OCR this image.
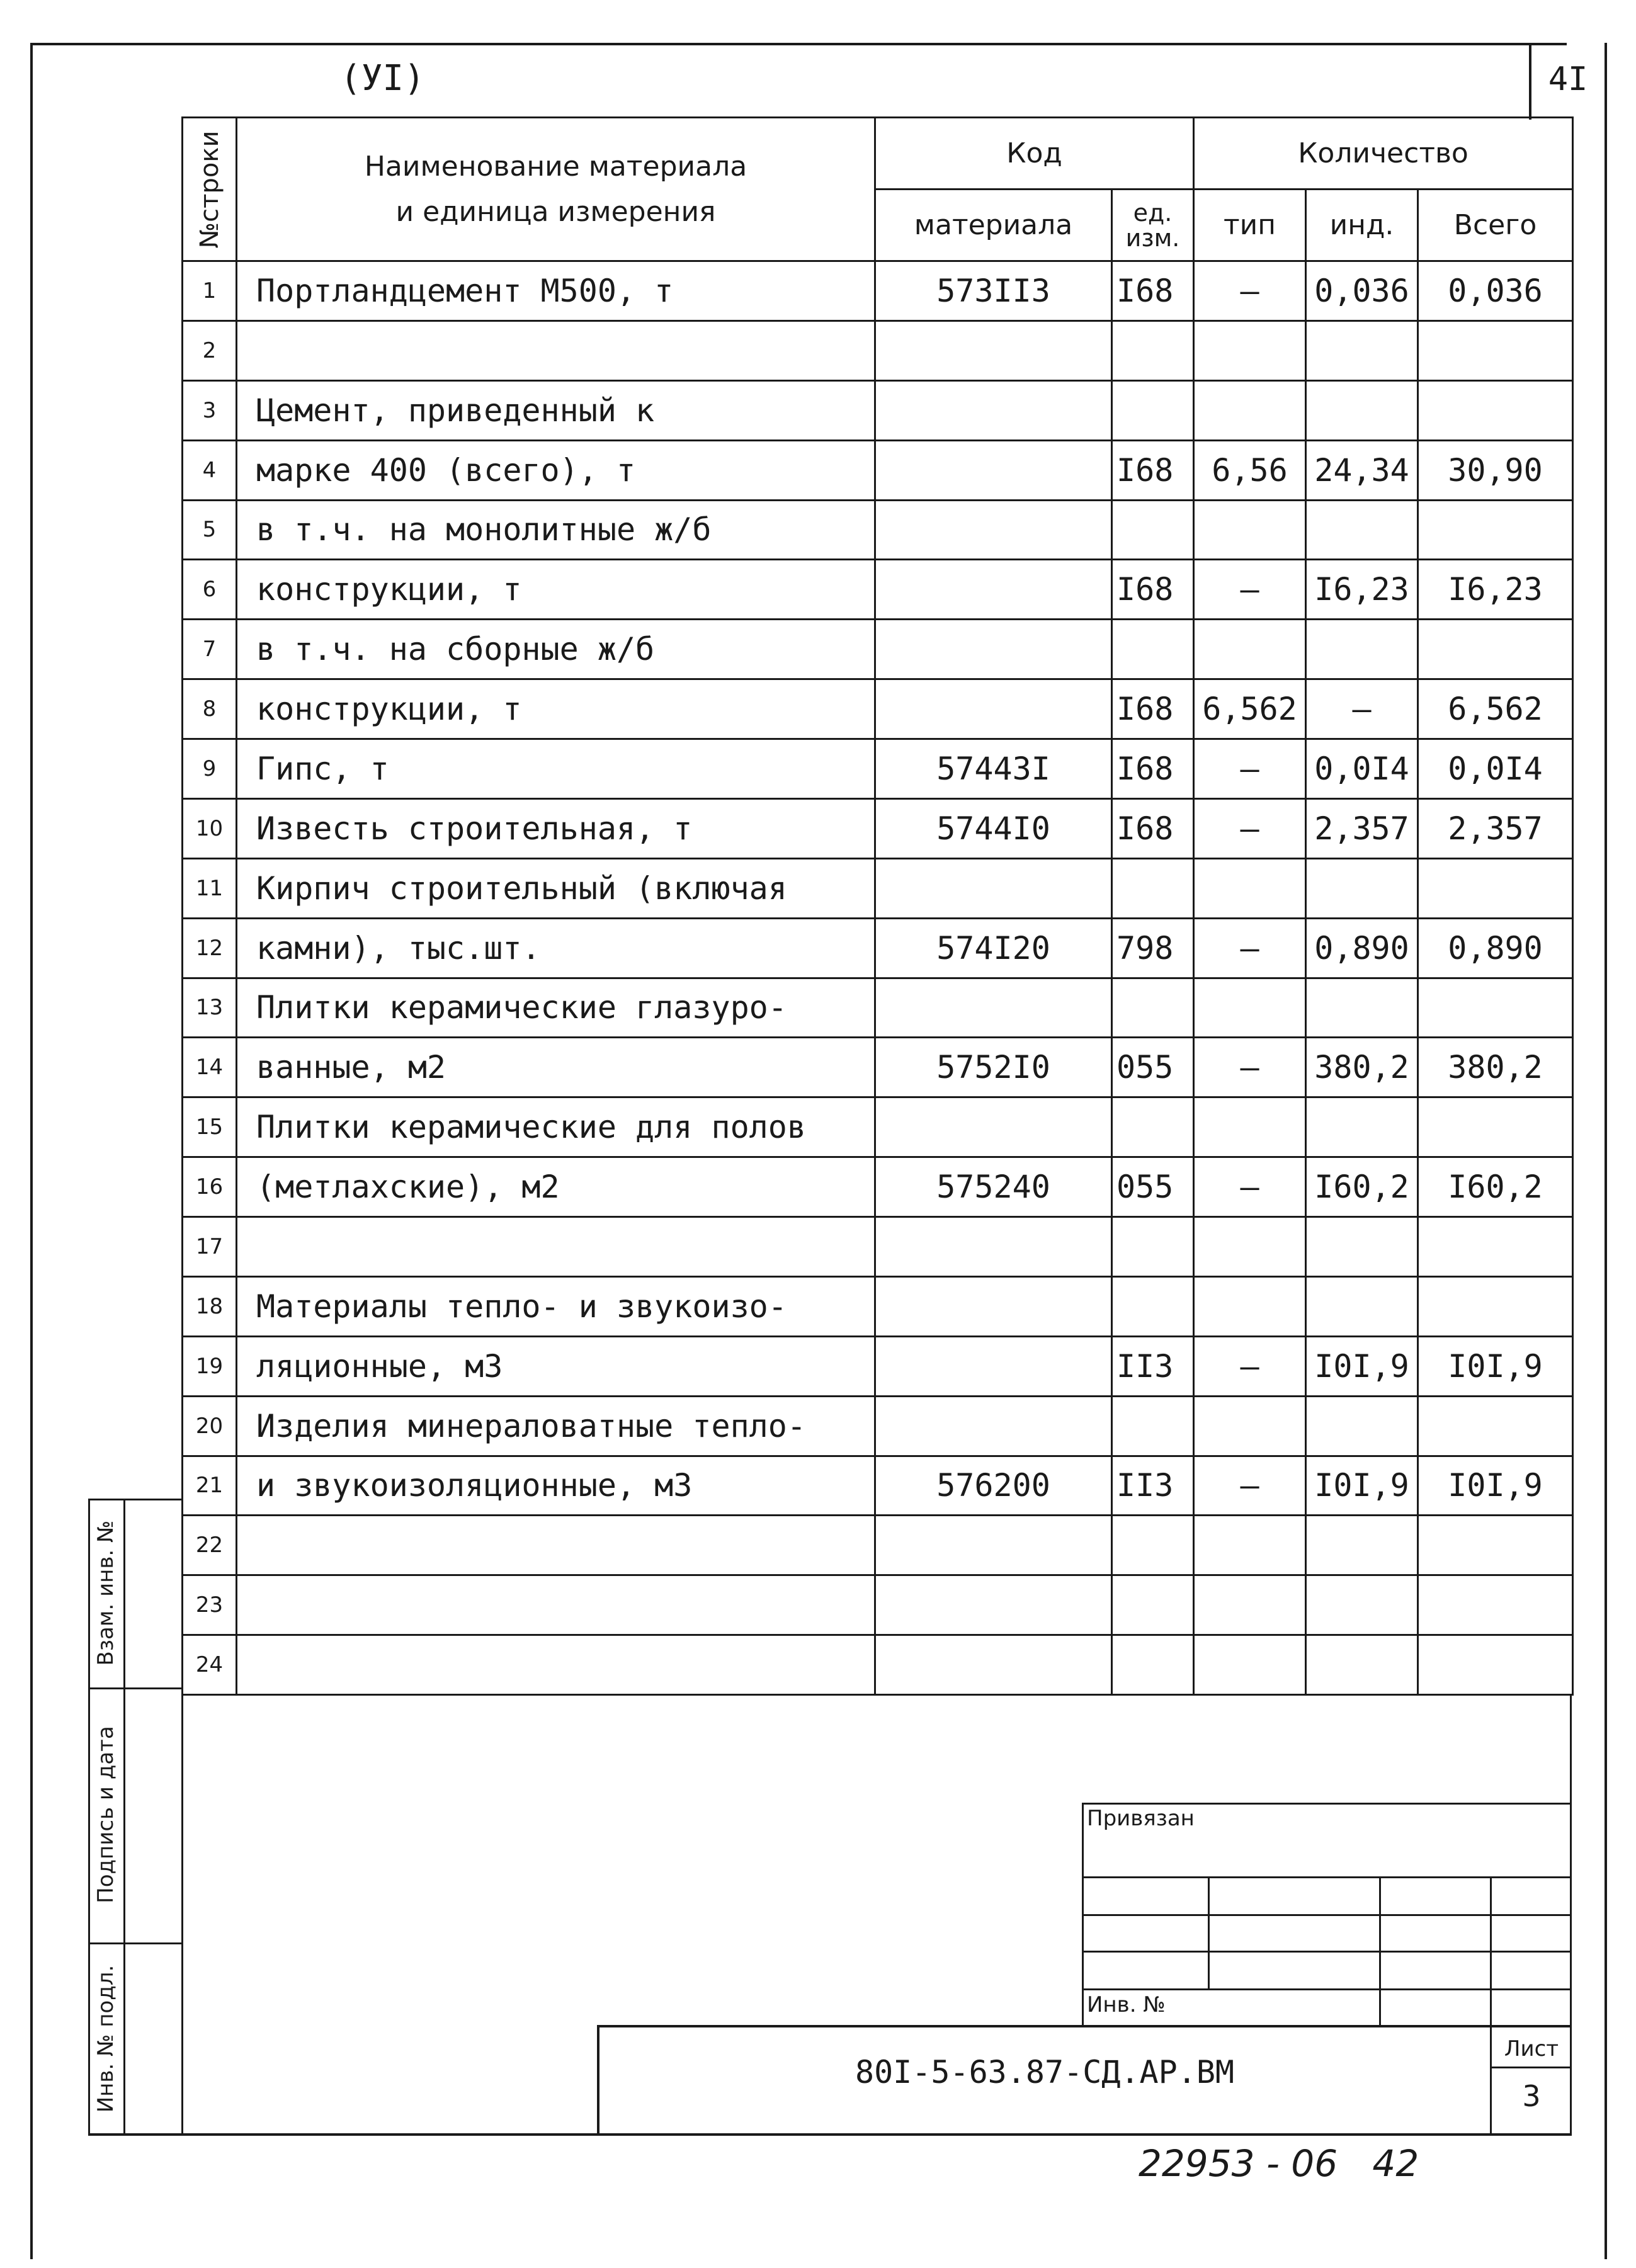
(УI)	4I
№строки	Наименование материала
и единица измерения	Код		Количество		
		материала	ед. изм.	тип	инд.	Всего
1	Портландцемент М500, т	573II3	I68	–	0,036	0,036
2						
3	Цемент, приведенный к					
4	марке 400 (всего), т		I68	6,56	24,34	30,90
5	в т.ч. на монолитные ж/б					
6	конструкции, т		I68	–	I6,23	I6,23
7	в т.ч. на сборные ж/б					
8	конструкции, т		I68	6,562	–	6,562
9	Гипс, т	57443I	I68	–	0,0I4	0,0I4
10	Известь строительная, т	5744I0	I68	–	2,357	2,357
11	Кирпич строительный (включая					
12	камни), тыс.шт.	574I20	798	–	0,890	0,890
13	Плитки керамические глазуро-					
14	ванные, м2	5752I0	055	–	380,2	380,2
15	Плитки керамические для полов					
16	(метлахские), м2	575240	055	–	I60,2	I60,2
17						
18	Материалы тепло- и звукоизо-					
19	ляционные, м3		II3	–	I0I,9	I0I,9
20	Изделия минераловатные тепло-					
21	и звукоизоляционные, м3	576200	II3	–	I0I,9	I0I,9
22						
23						
24						
Взам. инв. №
Подпись и дата
Инв. № подл.
Привязан
Инв. №
80I-5-63.87-СД.АР.ВМ
Лист
3
22953 - 06   42
